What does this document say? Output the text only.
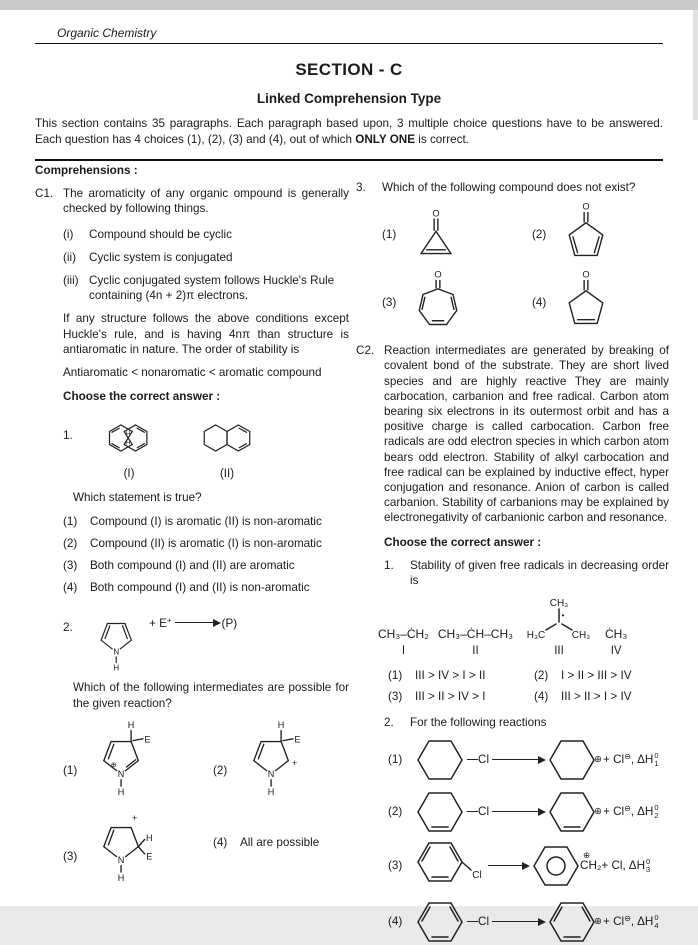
Organic Chemistry
SECTION - C
Linked Comprehension Type

This section contains 35 paragraphs. Each paragraph based upon, 3 multiple choice questions have to be answered. Each question has 4 choices (1), (2), (3) and (4), out of which ONLY ONE is correct.

Comprehensions :
C1. The aromaticity of any organic ompound is generally checked by following things.

(i)	Compound should be cyclic
(ii)	Cyclic system is conjugated
(iii) Cyclic conjugated system follows Huckle's Rule containing (4n + 2)π electrons.

If any structure follows the above conditions except Huckle's rule, and is having 4nπ than structure is antiaromatic in nature. The order of stability is

Antiaromatic < nonaromatic < aromatic compound

Choose the correct answer :

1.	H
H
(I)	(II)

Which statement is true?

(1)	Compound (I) is aromatic (II) is non-aromatic
(2)	Compound (II) is aromatic (I) is non-aromatic
(3)	Both compound (I) and (II) are aromatic
(4)	Both compound (I) and (II) is non-aromatic
2.
N
H
+ E+ → (P)

Which of the following intermediates are possible for the given reaction?

(1)
H
E
⊕
N
H
(2)
H
E
+
N
H
(3)
+
H
E
N
H
(4)	All are possible
3.	Which of the following compound does not exist?

(1)
O
(2)
O
(3)
O
(4)
O
C2. Reaction intermediates are generated by breaking of covalent bond of the substrate. They are short lived species and are highly reactive They are mainly carbocation, carbanion and free radical. Carbon atom bearing six electrons in its outermost orbit and has a positive charge is called carbocation. Carbon free radicals are odd electron species in which carbon atom bears odd electron. Stability of alkyl carbocation and free radical can be explained by inductive effect, hyper conjugation and resonance. Anion of carbon is called carbanion. Stability of carbanions may be explained by electronegativity of carbanionic carbon and resonance.

Choose the correct answer :

1.	Stability of given free radicals in decreasing order is

CH₃–ĊH₂
I
CH₃–ĊH–CH₃
II
CH₃
•
H₃C	CH₃
III
ĊH₃
IV
(1)	III > IV > I > II	(2)	I > II > III > IV
(3)	III > II > IV > I	(4)	III > II > I > IV
2.	For the following reactions
(1)	Cl	⊕ + Cl⊖, ΔH 0
1
(2)	Cl	⊕ + Cl⊖, ΔH 0
2
(3)
Cl
⊕
CH₂ + Cl, ΔH 0
3
(4)	Cl	⊕ + Cl⊖, ΔH 0
4
